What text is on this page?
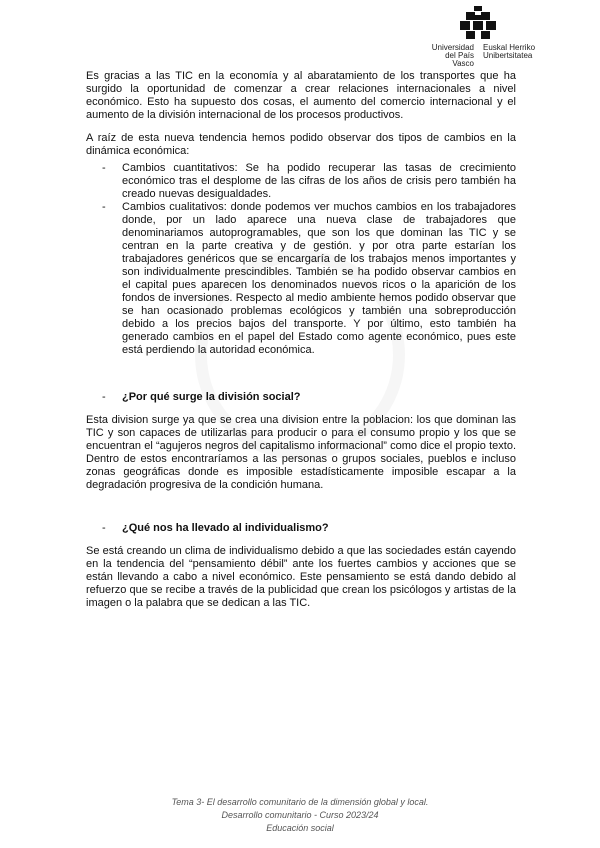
Universidad
del País Vasco
Euskal Herriko
Unibertsitatea

Es gracias a las TIC en la economía y al abaratamiento de los transportes que ha surgido la oportunidad de comenzar a crear relaciones internacionales a nivel económico. Esto ha supuesto dos cosas, el aumento del comercio internacional y el aumento de la división internacional de los procesos productivos.

A raíz de esta nueva tendencia hemos podido observar dos tipos de cambios en la dinámica económica:

- Cambios cuantitativos: Se ha podido recuperar las tasas de crecimiento económico tras el desplome de las cifras de los años de crisis pero también ha creado nuevas desigualdades.
- Cambios cualitativos: donde podemos ver muchos cambios en los trabajadores donde, por un lado aparece una nueva clase de trabajadores que denominariamos autoprogramables, que son los que dominan las TIC y se centran en la parte creativa y de gestión. y por otra parte estarían los trabajadores genéricos que se encargaría de los trabajos menos importantes y son individualmente prescindibles. También se ha podido observar cambios en el capital pues aparecen los denominados nuevos ricos o la aparición de los fondos de inversiones. Respecto al medio ambiente hemos podido observar que se han ocasionado problemas ecológicos y también una sobreproducción debido a los precios bajos del transporte. Y por último, esto también ha generado cambios en el papel del Estado como agente económico, pues este está perdiendo la autoridad económica.
- ¿Por qué surge la división social?

Esta division surge ya que se crea una division entre la poblacion: los que dominan las TIC y son capaces de utilizarlas para producir o para el consumo propio y los que se encuentran el “agujeros negros del capitalismo informacional” como dice el propio texto. Dentro de estos encontraríamos a las personas o grupos sociales, pueblos e incluso zonas geográficas donde es imposible estadísticamente imposible escapar a la degradación progresiva de la condición humana.

- ¿Qué nos ha llevado al individualismo?

Se está creando un clima de individualismo debido a que las sociedades están cayendo en la tendencia del “pensamiento débil” ante los fuertes cambios y acciones que se están llevando a cabo a nivel económico. Este pensamiento se está dando debido al refuerzo que se recibe a través de la publicidad que crean los psicólogos y artistas de la imagen o la palabra que se dedican a las TIC.

Tema 3- El desarrollo comunitario de la dimensión global y local.
Desarrollo comunitario - Curso 2023/24
Educación social
